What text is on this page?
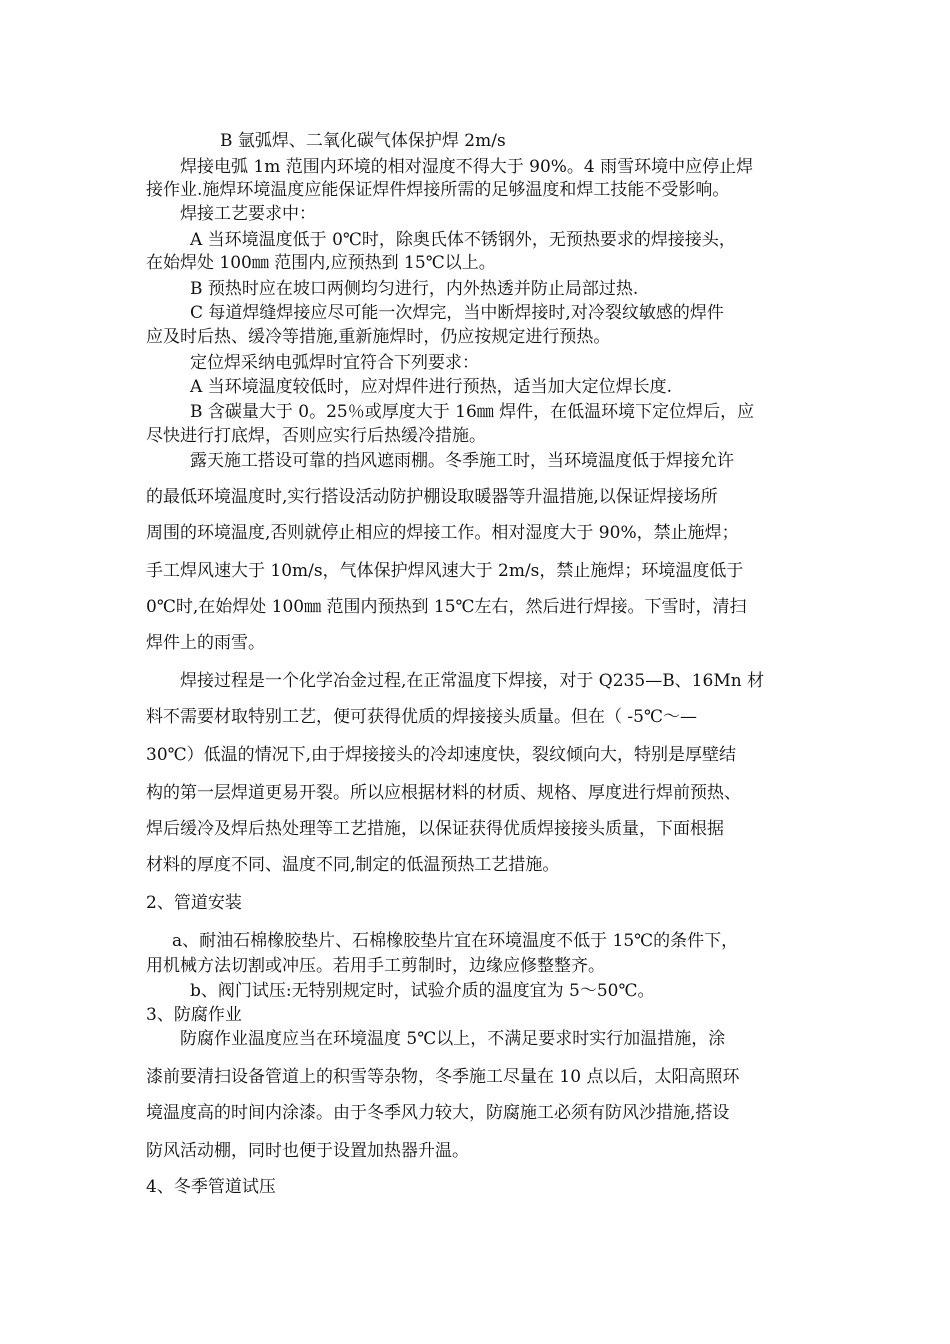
B 氩弧焊、二氧化碳气体保护焊 2m/s
焊接电弧 1m 范围内环境的相对湿度不得大于 90%。4 雨雪环境中应停止焊
接作业.施焊环境温度应能保证焊件焊接所需的足够温度和焊工技能不受影响。
焊接工艺要求中：
A 当环境温度低于 0℃时，除奥氏体不锈钢外，无预热要求的焊接接头，
在始焊处 100㎜ 范围内,应预热到 15℃以上。
B 预热时应在坡口两侧均匀进行，内外热透并防止局部过热.
C 每道焊缝焊接应尽可能一次焊完，当中断焊接时,对冷裂纹敏感的焊件
应及时后热、缓冷等措施,重新施焊时，仍应按规定进行预热。
定位焊采纳电弧焊时宜符合下列要求：
A 当环境温度较低时，应对焊件进行预热，适当加大定位焊长度.
B 含碳量大于 0。25％或厚度大于 16㎜ 焊件，在低温环境下定位焊后，应
尽快进行打底焊，否则应实行后热缓冷措施。
露天施工搭设可靠的挡风遮雨棚。冬季施工时，当环境温度低于焊接允许
的最低环境温度时,实行搭设活动防护棚设取暖器等升温措施,以保证焊接场所
周围的环境温度,否则就停止相应的焊接工作。相对湿度大于 90%，禁止施焊；
手工焊风速大于 10m/s，气体保护焊风速大于 2m/s，禁止施焊；环境温度低于
0℃时,在始焊处 100㎜ 范围内预热到 15℃左右，然后进行焊接。下雪时，清扫
焊件上的雨雪。
焊接过程是一个化学冶金过程,在正常温度下焊接，对于 Q235—B、16Mn 材
料不需要材取特别工艺，便可获得优质的焊接接头质量。但在（ -5℃～—
30℃）低温的情况下,由于焊接接头的冷却速度快，裂纹倾向大，特别是厚壁结
构的第一层焊道更易开裂。所以应根据材料的材质、规格、厚度进行焊前预热、
焊后缓冷及焊后热处理等工艺措施，以保证获得优质焊接接头质量，下面根据
材料的厚度不同、温度不同,制定的低温预热工艺措施。
2、管道安装
a、耐油石棉橡胶垫片、石棉橡胶垫片宜在环境温度不低于 15℃的条件下，
用机械方法切割或冲压。若用手工剪制时，边缘应修整整齐。
b、阀门试压:无特别规定时，试验介质的温度宜为 5～50℃。
3、防腐作业
防腐作业温度应当在环境温度 5℃以上，不满足要求时实行加温措施，涂
漆前要清扫设备管道上的积雪等杂物，冬季施工尽量在 10 点以后，太阳高照环
境温度高的时间内涂漆。由于冬季风力较大，防腐施工必须有防风沙措施,搭设
防风活动棚，同时也便于设置加热器升温。
4、冬季管道试压
